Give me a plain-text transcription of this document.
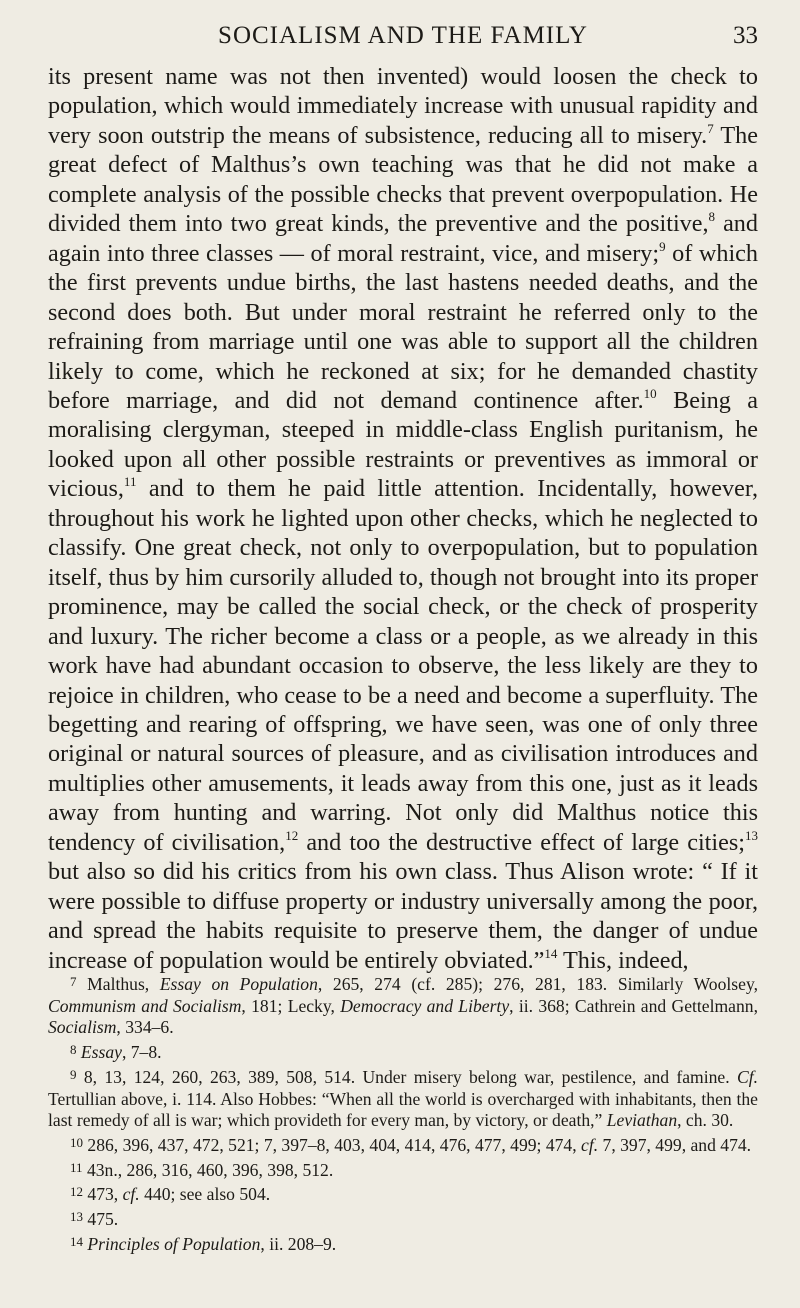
SOCIALISM AND THE FAMILY	33

its present name was not then invented) would loosen the check to population, which would immediately increase with unusual rapidity and very soon outstrip the means of subsistence, reducing all to misery.$^7$ The great defect of Malthus’s own teaching was that he did not make a complete analysis of the possible checks that prevent overpopulation. He divided them into two great kinds, the preventive and the positive,$^8$ and again into three classes — of moral restraint, vice, and misery;$^9$ of which the first prevents undue births, the last hastens needed deaths, and the second does both. But under moral restraint he referred only to the refraining from marriage until one was able to support all the children likely to come, which he reckoned at six; for he demanded chastity before marriage, and did not demand continence after.$^{10}$ Being a moralising clergyman, steeped in middle-class English puritanism, he looked upon all other possible restraints or preventives as immoral or vicious,$^{11}$ and to them he paid little attention. Incidentally, however, throughout his work he lighted upon other checks, which he neglected to classify. One great check, not only to overpopulation, but to population itself, thus by him cursorily alluded to, though not brought into its proper prominence, may be called the social check, or the check of prosperity and luxury. The richer become a class or a people, as we already in this work have had abundant occasion to observe, the less likely are they to rejoice in children, who cease to be a need and become a superfluity. The begetting and rearing of offspring, we have seen, was one of only three original or natural sources of pleasure, and as civilisation introduces and multiplies other amusements, it leads away from this one, just as it leads away from hunting and warring. Not only did Malthus notice this tendency of civilisation,$^{12}$ and too the destructive effect of large cities;$^{13}$ but also so did his critics from his own class. Thus Alison wrote: “ If it were possible to diffuse property or industry universally among the poor, and spread the habits requisite to preserve them, the danger of undue increase of population would be entirely obviated.”$^{14}$ This, indeed,

$^7$ Malthus, Essay on Population, 265, 274 (cf. 285); 276, 281, 183. Similarly Woolsey, Communism and Socialism, 181; Lecky, Democracy and Liberty, ii. 368; Cathrein and Gettelmann, Socialism, 334–6.

$^8$ Essay, 7–8.

$^9$ 8, 13, 124, 260, 263, 389, 508, 514. Under misery belong war, pestilence, and famine. Cf. Tertullian above, i. 114. Also Hobbes: “When all the world is overcharged with inhabitants, then the last remedy of all is war; which provideth for every man, by victory, or death,” Leviathan, ch. 30.

$^{10}$ 286, 396, 437, 472, 521; 7, 397–8, 403, 404, 414, 476, 477, 499; 474, cf. 7, 397, 499, and 474.

$^{11}$ 43n., 286, 316, 460, 396, 398, 512.

$^{12}$ 473, cf. 440; see also 504.

$^{13}$ 475.

$^{14}$ Principles of Population, ii. 208–9.
